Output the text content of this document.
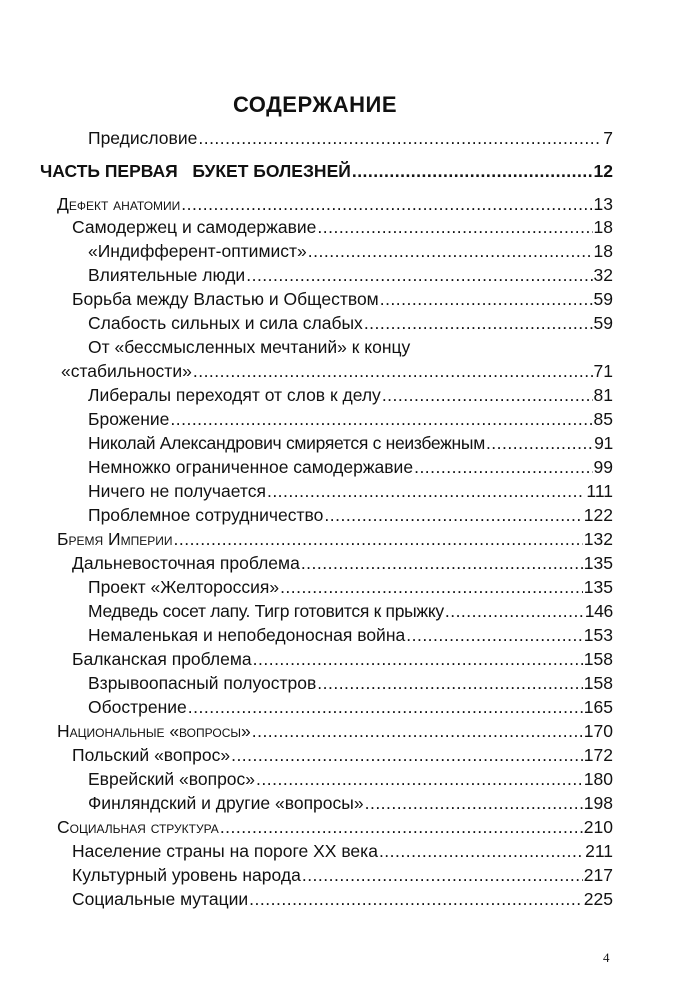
СОДЕРЖАНИЕ
Предисловие .....	7
ЧАСТЬ ПЕРВАЯ   БУКЕТ БОЛЕЗНЕЙ .....	12
Дефект анатомии .....	13
Самодержец и самодержавие .....	18
«Индифферент-оптимист» .....	18
Влиятельные люди .....	32
Борьба между Властью и Обществом .....	59
Слабость сильных и сила слабых .....	59
От «бессмысленных мечтаний» к концу
«стабильности» .....	71
Либералы переходят от слов к делу .....	81
Брожение .....	85
Николай Александрович смиряется с неизбежным .....	91
Немножко ограниченное самодержавие .....	99
Ничего не получается .....	111
Проблемное сотрудничество .....	122
Бремя Империи .....	132
Дальневосточная проблема .....	135
Проект «Желтороссия» .....	135
Медведь сосет лапу. Тигр готовится к прыжку .....	146
Немаленькая и непобедоносная война .....	153
Балканская проблема .....	158
Взрывоопасный полуостров .....	158
Обострение .....	165
Национальные «вопросы» .....	170
Польский «вопрос» .....	172
Еврейский «вопрос» .....	180
Финляндский и другие «вопросы» .....	198
Социальная структура .....	210
Население страны на пороге XX века .....	211
Культурный уровень народа .....	217
Социальные мутации .....	225
4
